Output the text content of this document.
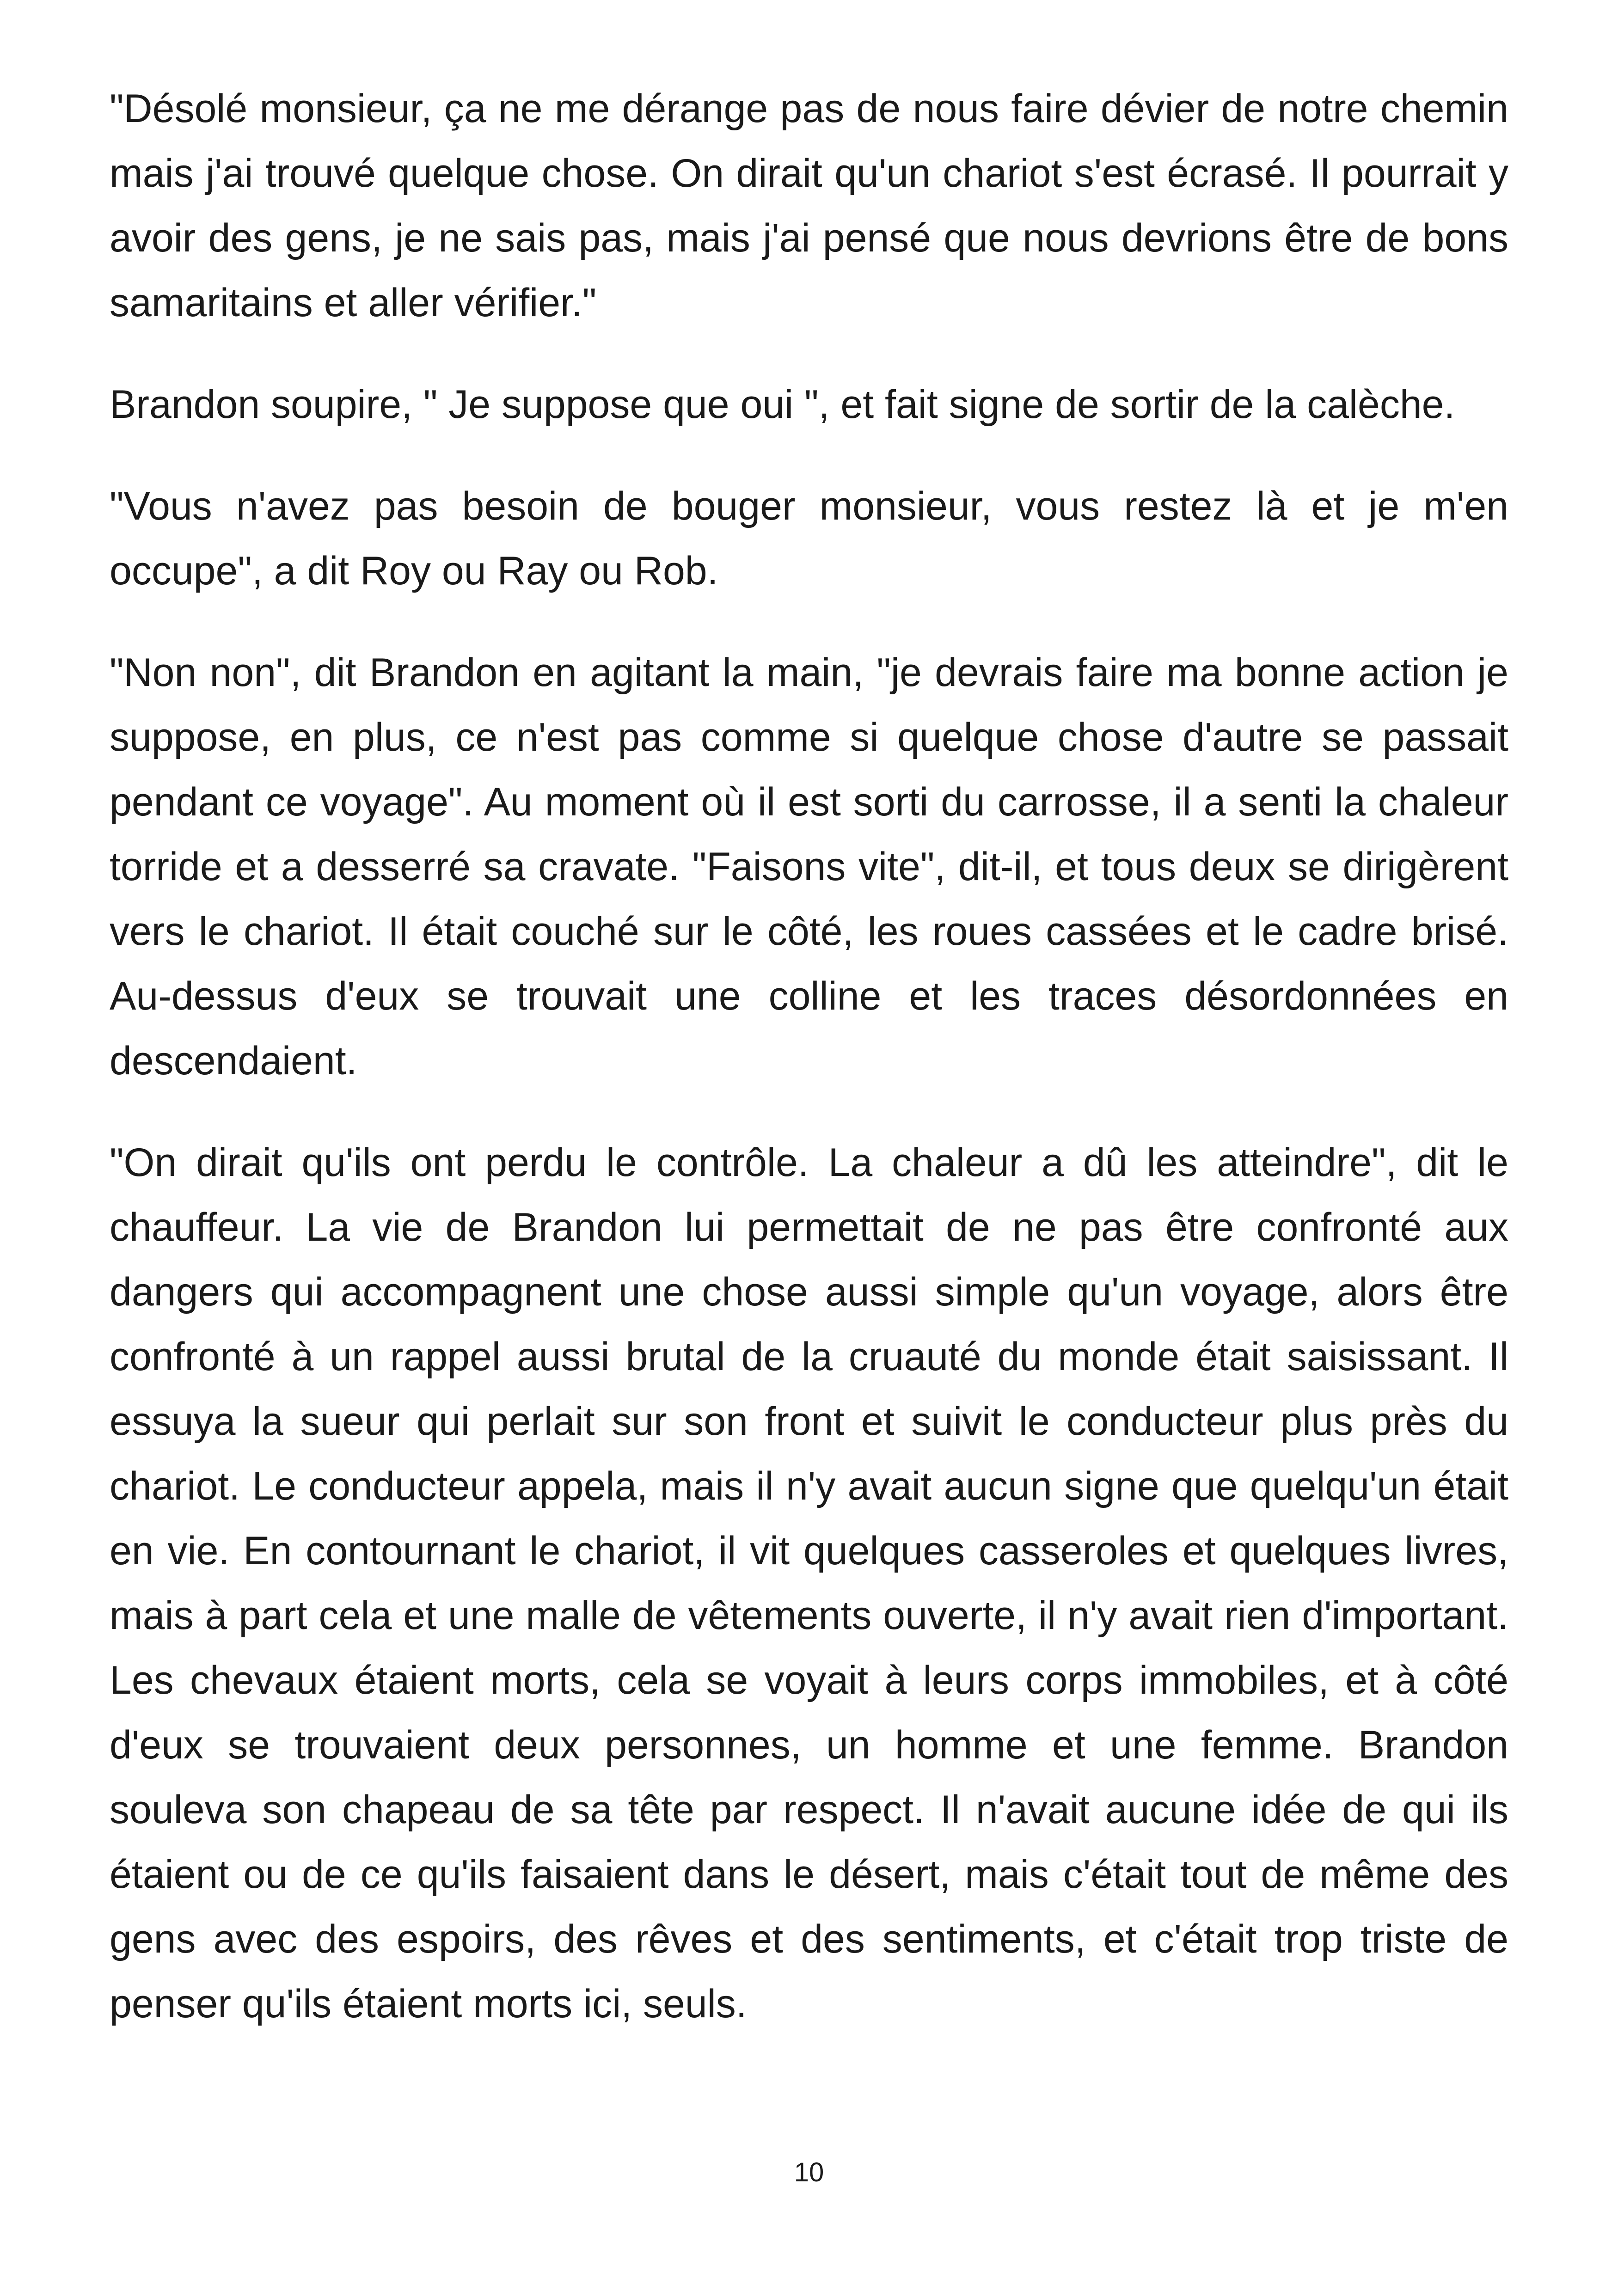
"Désolé monsieur, ça ne me dérange pas de nous faire dévier de notre chemin mais j'ai trouvé quelque chose. On dirait qu'un chariot s'est écrasé. Il pourrait y avoir des gens, je ne sais pas, mais j'ai pensé que nous devrions être de bons samaritains et aller vérifier."

Brandon soupire, " Je suppose que oui ", et fait signe de sortir de la calèche.

"Vous n'avez pas besoin de bouger monsieur, vous restez là et je m'en occupe", a dit Roy ou Ray ou Rob.

"Non non", dit Brandon en agitant la main, "je devrais faire ma bonne action je suppose, en plus, ce n'est pas comme si quelque chose d'autre se passait pendant ce voyage". Au moment où il est sorti du carrosse, il a senti la chaleur torride et a desserré sa cravate. "Faisons vite", dit-il, et tous deux se dirigèrent vers le chariot. Il était couché sur le côté, les roues cassées et le cadre brisé. Au-dessus d'eux se trouvait une colline et les traces désordonnées en descendaient.

"On dirait qu'ils ont perdu le contrôle. La chaleur a dû les atteindre", dit le chauffeur. La vie de Brandon lui permettait de ne pas être confronté aux dangers qui accompagnent une chose aussi simple qu'un voyage, alors être confronté à un rappel aussi brutal de la cruauté du monde était saisissant. Il essuya la sueur qui perlait sur son front et suivit le conducteur plus près du chariot. Le conducteur appela, mais il n'y avait aucun signe que quelqu'un était en vie. En contournant le chariot, il vit quelques casseroles et quelques livres, mais à part cela et une malle de vêtements ouverte, il n'y avait rien d'important. Les chevaux étaient morts, cela se voyait à leurs corps immobiles, et à côté d'eux se trouvaient deux personnes, un homme et une femme. Brandon souleva son chapeau de sa tête par respect. Il n'avait aucune idée de qui ils étaient ou de ce qu'ils faisaient dans le désert, mais c'était tout de même des gens avec des espoirs, des rêves et des sentiments, et c'était trop triste de penser qu'ils étaient morts ici, seuls.

10
